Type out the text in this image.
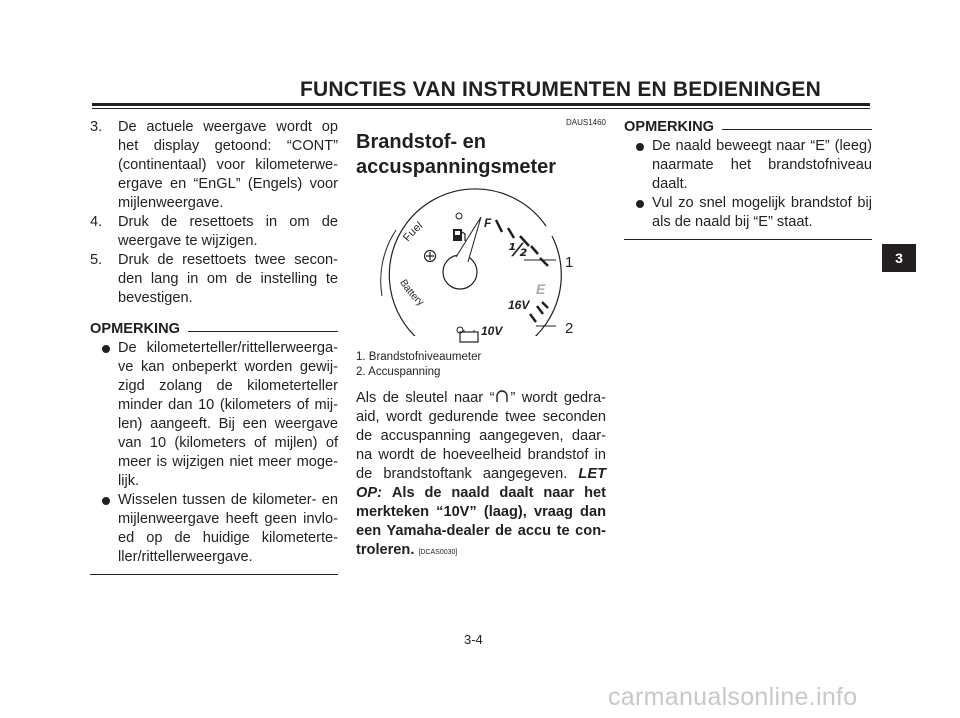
FUNCTIES VAN INSTRUMENTEN EN BEDIENINGEN
3. De actuele weergave wordt op het display getoond: “CONT” (continentaal) voor kilometerwe-ergave en “EnGL” (Engels) voor mijlenweergave.
4. Druk de resettoets in om de weergave te wijzigen.
5. Druk de resettoets twee secon-den lang in om de instelling te bevestigen.
OPMERKING
De kilometerteller/rittellerweerga-ve kan onbeperkt worden gewij-zigd zolang de kilometerteller minder dan 10 (kilometers of mij-len) aangeeft. Bij een weergave van 10 (kilometers of mijlen) of meer is wijzigen niet meer moge-lijk.
Wisselen tussen de kilometer- en mijlenweergave heeft geen invlo-ed op de huidige kilometerte-ller/rittellerweergave.
DAUS1460
Brandstof- en accuspanningsmeter
Fuel
Battery
F
½
E
16V
10V
1
2
1. Brandstofniveaumeter
2. Accuspanning
Als de sleutel naar “ ” wordt gedra-aid, wordt gedurende twee seconden de accuspanning aangegeven, daar-na wordt de hoeveelheid brandstof in de brandstoftank aangegeven. LET OP: Als de naald daalt naar het merkteken “10V” (laag), vraag dan een Yamaha-dealer de accu te con-troleren. [DCAS0030]
OPMERKING
De naald beweegt naar “E” (leeg) naarmate het brandstofniveau daalt.
Vul zo snel mogelijk brandstof bij als de naald bij “E” staat.
3
3-4
carmanualsonline.info
